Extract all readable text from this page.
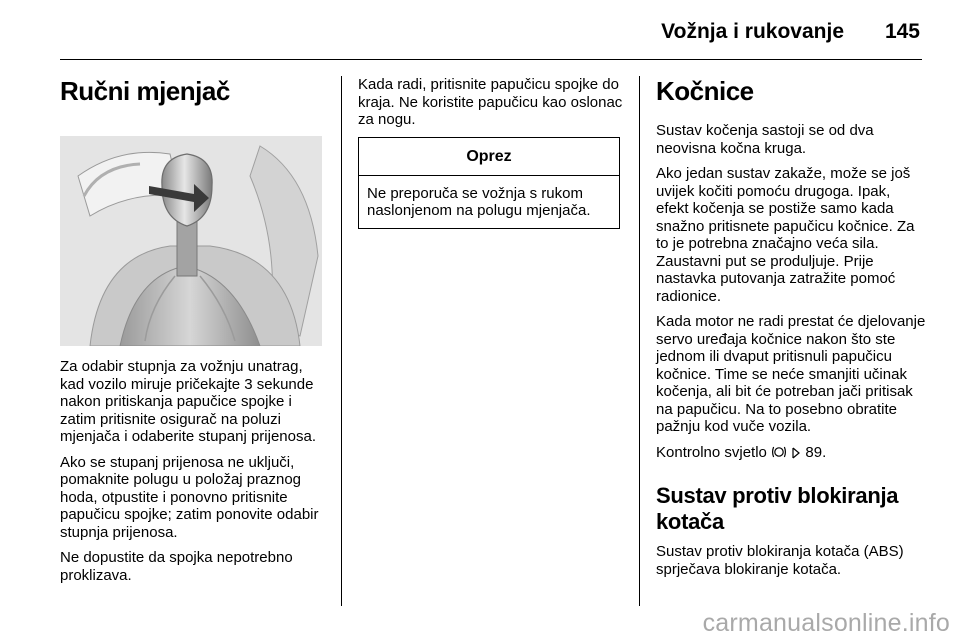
Vožnja i rukovanje 145
Ručni mjenjač

Za odabir stupnja za vožnju unatrag, kad vozilo miruje pričekajte 3 sekunde nakon pritiskanja papučice spojke i zatim pritisnite osigurač na poluzi mjenjača i odaberite stupanj prijenosa.

Ako se stupanj prijenosa ne uključi, pomaknite polugu u položaj praznog hoda, otpustite i ponovno pritisnite papučicu spojke; zatim ponovite odabir stupnja prijenosa.

Ne dopustite da spojka nepotrebno proklizava.

Kada radi, pritisnite papučicu spojke do kraja. Ne koristite papučicu kao oslonac za nogu.

Oprez
Ne preporuča se vožnja s rukom naslonjenom na polugu mjenjača.
Kočnice

Sustav kočenja sastoji se od dva neovisna kočna kruga.

Ako jedan sustav zakaže, može se još uvijek kočiti pomoću drugoga. Ipak, efekt kočenja se postiže samo kada snažno pritisnete papučicu kočnice. Za to je potrebna značajno veća sila. Zaustavni put se produljuje. Prije nastavka putovanja zatražite pomoć radionice.

Kada motor ne radi prestat će djelovanje servo uređaja kočnice nakon što ste jednom ili dvaput pritisnuli papučicu kočnice. Time se neće smanjiti učinak kočenja, ali bit će potreban jači pritisak na papučicu. Na to posebno obratite pažnju kod vuče vozila.

Kontrolno svjetlo	89.

Sustav protiv blokiranja kotača

Sustav protiv blokiranja kotača (ABS) sprječava blokiranje kotača.

carmanualsonline.info
